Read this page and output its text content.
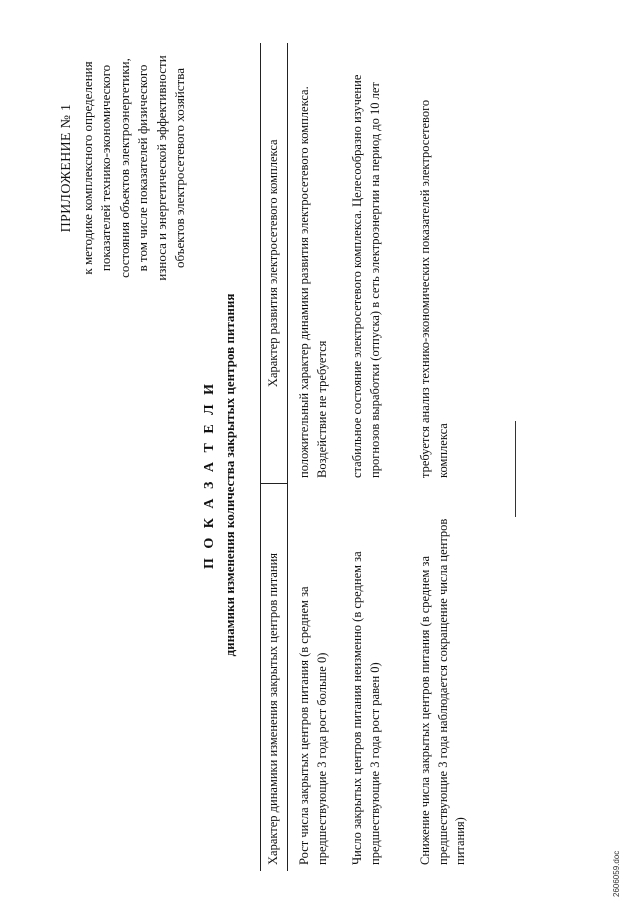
ПРИЛОЖЕНИЕ № 1 к методике комплексного определения показателей технико-экономического состояния объектов электроэнергетики, в том числе показателей физического износа и энергетической эффективности объектов электросетевого хозяйства
П О К А З А Т Е Л И динамики изменения количества закрытых центров питания
Характер динамики изменения закрытых центров питания	Характер развития электросетевого комплекса
Рост числа закрытых центров питания (в среднем за предшествующие 3 года рост больше 0)	положительный характер динамики развития электросетевого комплекса. Воздействие не требуется
Число закрытых центров питания неизменно (в среднем за предшествующие 3 года рост равен 0)	стабильное состояние электросетевого комплекса. Целесообразно изучение прогнозов выработки (отпуска) в сеть электроэнергии на период до 10 лет
Снижение числа закрытых центров питания (в среднем за предшествующие 3 года наблюдается сокращение числа центров питания)	требуется анализ технико-экономических показателей электросетевого комплекса
2606059.doc
